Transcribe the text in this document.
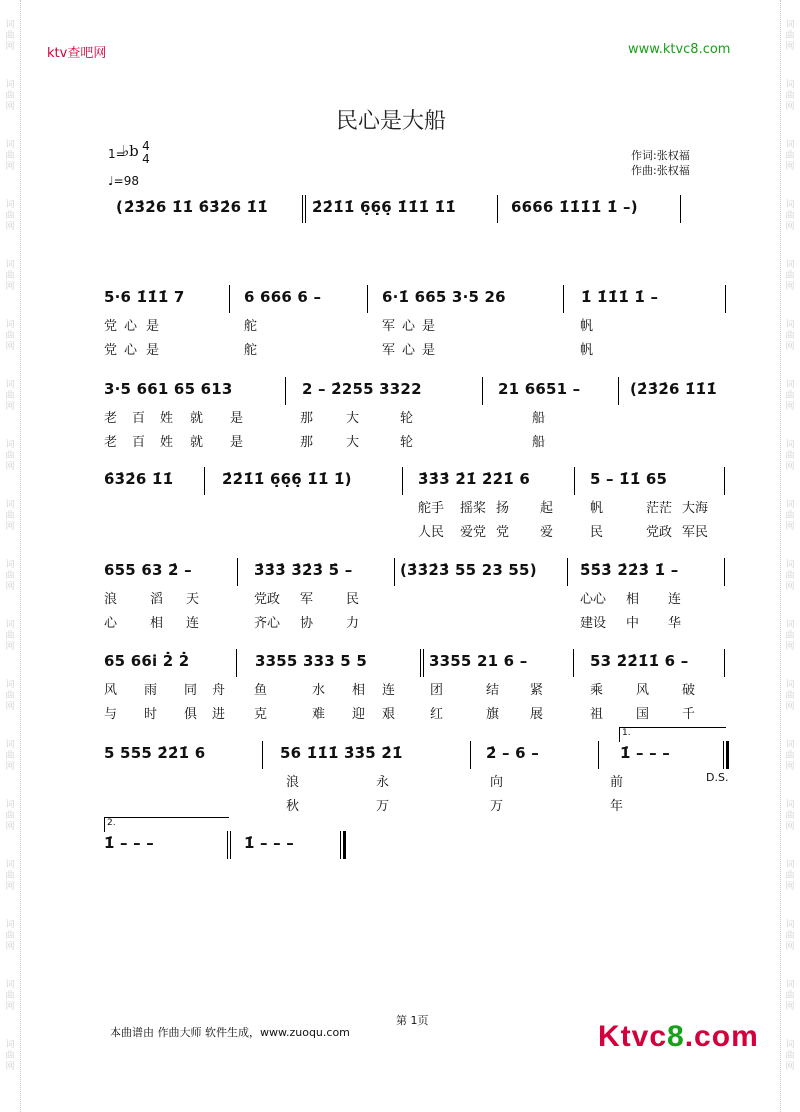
词
曲
网
词
曲
网
词
曲
网
词
曲
网
词
曲
网
词
曲
网
词
曲
网
词
曲
网
词
曲
网
词
曲
网
词
曲
网
词
曲
网
词
曲
网
词
曲
网
词
曲
网
词
曲
网
词
曲
网
词
曲
网
词
曲
网
词
曲
网
词
曲
网
词
曲
网
词
曲
网
词
曲
网
词
曲
网
词
曲
网
词
曲
网
词
曲
网
词
曲
网
词
曲
网
词
曲
网
词
曲
网
词
曲
网
词
曲
网
词
曲
网
词
曲
网
ktv查吧网	www.ktvc8.com
民心是大船
1=
♭b 4
4
♩=98
作词:张权福
作曲:张权福
( 2̇3̇2̇6 1̇1̇ 6̇3̇2̇6 1̇1̇	2̇2̇1̇1̇ 6̣6̣6̣ 1̇1̇1̇ 1̇1̇	6666 1̇1̇1̇1̇ 1̇ –)
5·6 1̇1̇1̇ 7	6 666 6 –	6·1̇ 665 3·5 26	1̇ 1̇1̇1̇ 1̇ –
党 心 是	舵	军 心 是	帆
党 心 是	舵	军 心 是	帆
3·5 661 65 613	2 – 2̇255 3322	21 6651 –	(2̇3̇2̇6 1̇1̇1̇
老 百 姓 就 是	那	大	轮	船
老 百 姓 就 是	那	大	轮	船
6̇3̇2̇6 1̇1̇	2̇2̇1̇1̇ 6̣6̣6̣ 1̇1̇ 1̇)	3̇3̇3̇ 2̇1̇ 2̇2̇1̇ 6	5 – 1̇1̇ 65
舵手 摇桨 扬 起	帆	茫茫 大海
人民 爱党 党 爱	民	党政 军民
655 63 2̇ –	3̇3̇3̇ 3̇2̇3̇ 5̇ –	(3̇3̇2̇3̇ 55 23 55)	5̇5̇3̇ 2̇2̇3̇ 1̇ –
浪	滔 天	党政 军	民	心心 相 连
心	相 连	齐心 协	力	建设 中 华
65 66i 2̇ 2̇	3355 333 5 5	3355 21 6 –	53 2̇2̇1̇1̇ 6 –
风 雨 同 舟 鱼	水 相 连	团	结 紧	乘	风	破
与 时 俱 进 克	难 迎 艰	红	旗 展	祖	国	千
5 555 2̇2̇1̇ 6	56 1̇1̇1̇ 3̇3̇5̇ 2̇1̇	2̇ – 6 –
1.
1̇ – – –
D.S.
浪	永	向	前
秋	万	万	年
2.
1̇ – – –	1̇ – – –
第 1页
本曲谱由 作曲大师 软件生成，www.zuoqu.com	Ktvc8.com
